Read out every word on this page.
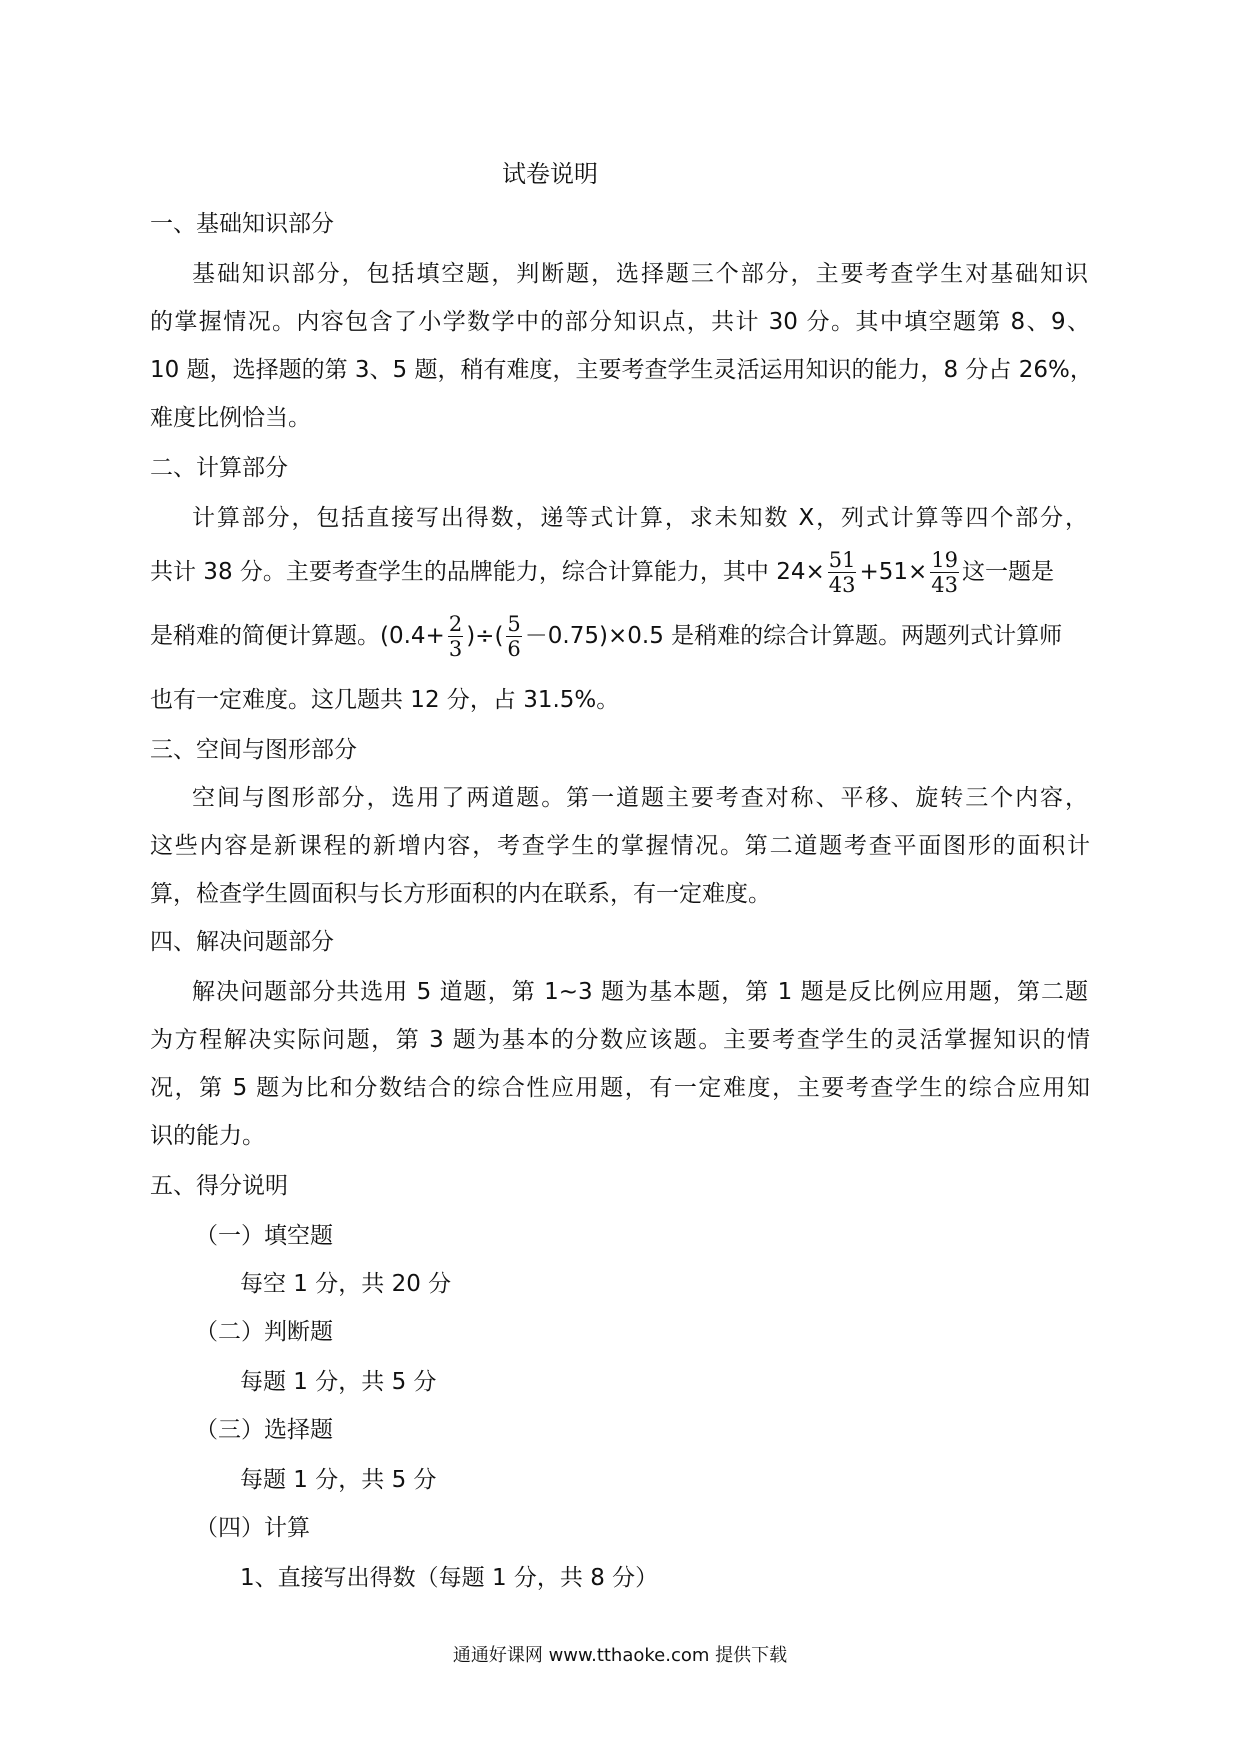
试卷说明
一、基础知识部分
基础知识部分，包括填空题，判断题，选择题三个部分，主要考查学生对基础知识
的掌握情况。内容包含了小学数学中的部分知识点，共计 30 分。其中填空题第 8、9、
10 题，选择题的第 3、5 题，稍有难度，主要考查学生灵活运用知识的能力，8 分占 26%，
难度比例恰当。
二、计算部分
计算部分，包括直接写出得数，递等式计算，求未知数 X，列式计算等四个部分，
共计 38 分。主要考查学生的品牌能力，综合计算能力，其中 $24\times \frac{51}{43} +51\times \frac{19}{43}$ 这一题是
是稍难的简便计算题。($0.4+ \frac{2}{3}$ )÷( $\frac{5}{6} -0.75)\times 0.5$ 是稍难的综合计算题。两题列式计算师
也有一定难度。这几题共 12 分，占 31.5%。
三、空间与图形部分
空间与图形部分，选用了两道题。第一道题主要考查对称、平移、旋转三个内容，
这些内容是新课程的新增内容，考查学生的掌握情况。第二道题考查平面图形的面积计
算，检查学生圆面积与长方形面积的内在联系，有一定难度。
四、解决问题部分
解决问题部分共选用 5 道题，第 1~3 题为基本题，第 1 题是反比例应用题，第二题
为方程解决实际问题，第 3 题为基本的分数应该题。主要考查学生的灵活掌握知识的情
况，第 5 题为比和分数结合的综合性应用题，有一定难度，主要考查学生的综合应用知
识的能力。
五、得分说明
（一）填空题
每空 1 分，共 20 分
（二）判断题
每题 1 分，共 5 分
（三）选择题
每题 1 分，共 5 分
（四）计算
1、直接写出得数（每题 1 分，共 8 分）
通通好课网 www.tthaoke.com 提供下载
